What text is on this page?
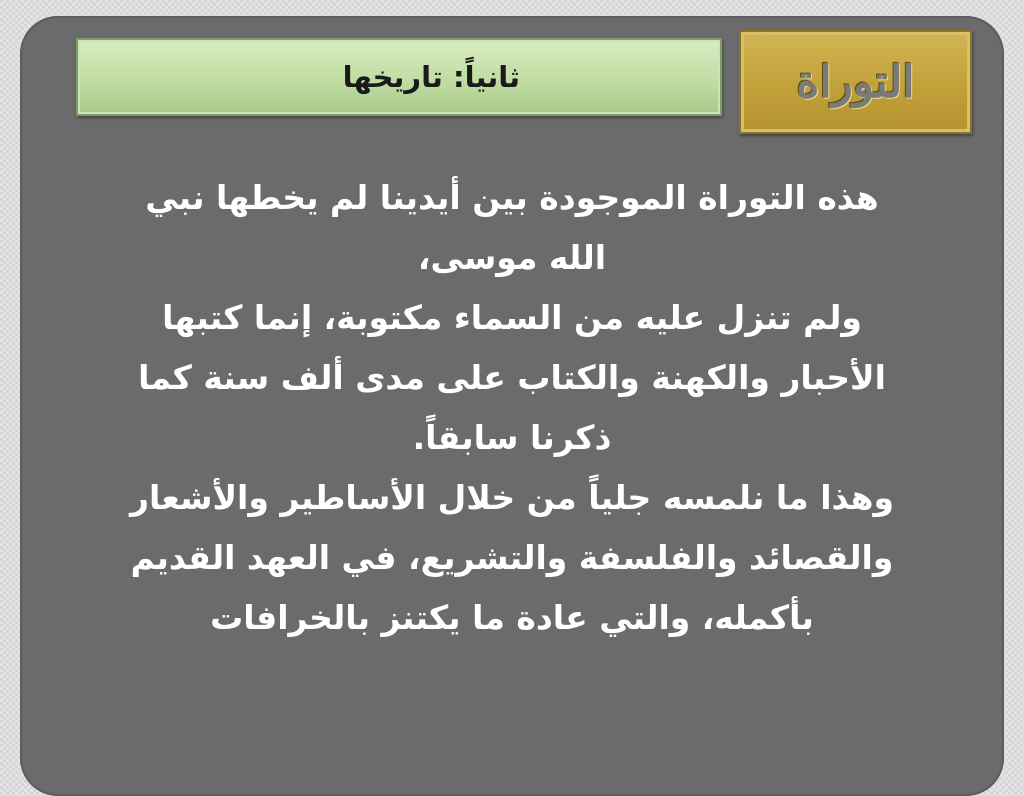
ثانياً: تاريخها	التوراة

هذه التوراة الموجودة بين أيدينا لم يخطها نبي
الله موسى،
ولم تنزل عليه من السماء مكتوبة، إنما كتبها
الأحبار والكهنة والكتاب على مدى ألف سنة كما
ذكرنا سابقاً.
وهذا ما نلمسه جلياً من خلال الأساطير والأشعار
والقصائد والفلسفة والتشريع، في العهد القديم
بأكمله، والتي عادة ما يكتنز بالخرافات
